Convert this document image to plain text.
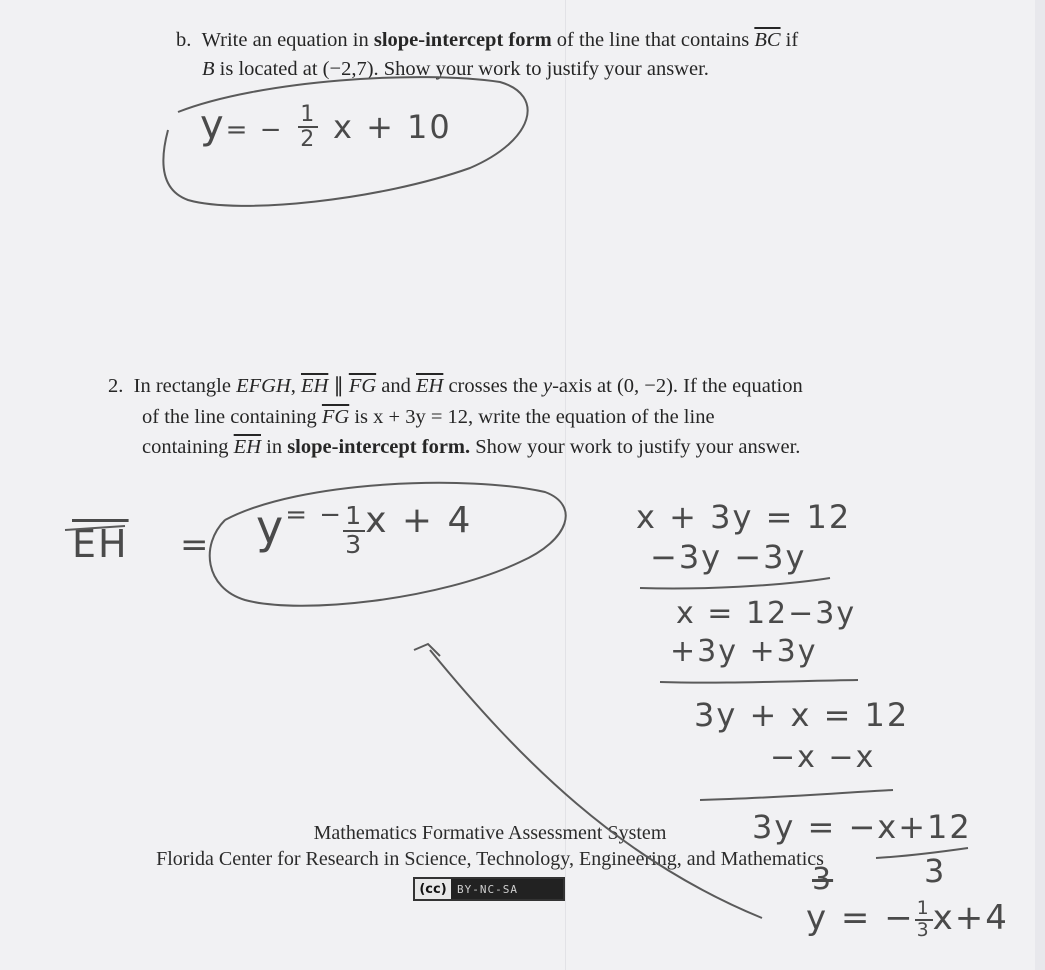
b. Write an equation in slope-intercept form of the line that contains $\overline{BC}$ if
B is located at (−2,7). Show your work to justify your answer.
$y= - \frac{1}{2}$ x + 10
2. In rectangle EFGH, $\overline{EH}$ ∥ $\overline{FG}$ and $\overline{EH}$ crosses the y-axis at (0, −2). If the equation
of the line containing $\overline{FG}$ is x + 3y = 12, write the equation of the line
containing $\overline{EH}$ in slope-intercept form. Show your work to justify your answer.
$\overline{EH} = y^{= -} \frac{1}{3} ^{x + 4}$	x + 3y = 12
−3y −3y
x = 12−3y
+3y +3y
3y + x = 12
−x −x
3y = −x+12
3	3
y = − $\frac{1}{3} x+4$
Mathematics Formative Assessment System
Florida Center for Research in Science, Technology, Engineering, and Mathematics
(cc) BY-NC-SA
